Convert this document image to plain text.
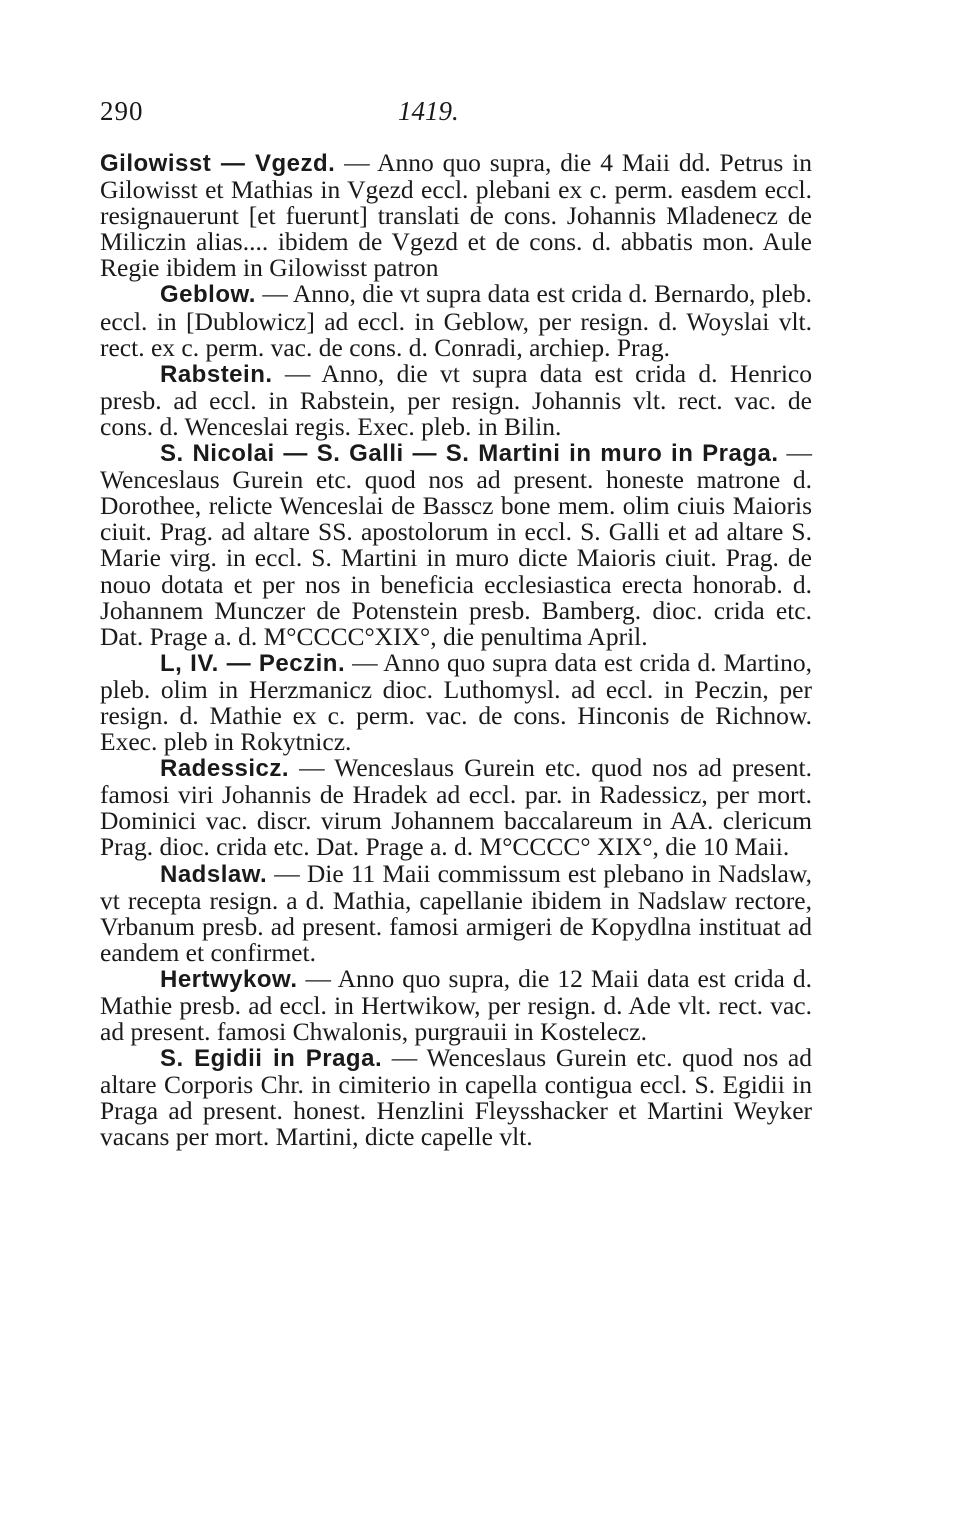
290	1419.

Gilowisst — Vgezd. — Anno quo supra, die 4 Maii dd. Petrus in Gilowisst et Mathias in Vgezd eccl. plebani ex c. perm. easdem eccl. resignauerunt [et fuerunt] translati de cons. Johannis Mladenecz de Miliczin alias.... ibidem de Vgezd et de cons. d. abbatis mon. Aule Regie ibidem in Gilowisst patron

Geblow. — Anno, die vt supra data est crida d. Bernardo, pleb. eccl. in [Dublowicz] ad eccl. in Geblow, per resign. d. Woyslai vlt. rect. ex c. perm. vac. de cons. d. Conradi, archiep. Prag.

Rabstein. — Anno, die vt supra data est crida d. Henrico presb. ad eccl. in Rabstein, per resign. Johannis vlt. rect. vac. de cons. d. Wenceslai regis. Exec. pleb. in Bilin.

S. Nicolai — S. Galli — S. Martini in muro in Praga. — Wenceslaus Gurein etc. quod nos ad present. honeste matrone d. Dorothee, relicte Wenceslai de Basscz bone mem. olim ciuis Maioris ciuit. Prag. ad altare SS. apostolorum in eccl. S. Galli et ad altare S. Marie virg. in eccl. S. Martini in muro dicte Maioris ciuit. Prag. de nouo dotata et per nos in beneficia ecclesiastica erecta honorab. d. Johannem Munczer de Potenstein presb. Bamberg. dioc. crida etc. Dat. Prage a. d. M°CCCC°XIX°, die penultima April.

L, IV. — Peczin. — Anno quo supra data est crida d. Martino, pleb. olim in Herzmanicz dioc. Luthomysl. ad eccl. in Peczin, per resign. d. Mathie ex c. perm. vac. de cons. Hinconis de Richnow. Exec. pleb in Rokytnicz.

Radessicz. — Wenceslaus Gurein etc. quod nos ad present. famosi viri Johannis de Hradek ad eccl. par. in Radessicz, per mort. Dominici vac. discr. virum Johannem baccalareum in AA. clericum Prag. dioc. crida etc. Dat. Prage a. d. M°CCCC° XIX°, die 10 Maii.

Nadslaw. — Die 11 Maii commissum est plebano in Nadslaw, vt recepta resign. a d. Mathia, capellanie ibidem in Nadslaw rectore, Vrbanum presb. ad present. famosi armigeri de Kopydlna instituat ad eandem et confirmet.

Hertwykow. — Anno quo supra, die 12 Maii data est crida d. Mathie presb. ad eccl. in Hertwikow, per resign. d. Ade vlt. rect. vac. ad present. famosi Chwalonis, purgrauii in Kostelecz.

S. Egidii in Praga. — Wenceslaus Gurein etc. quod nos ad altare Corporis Chr. in cimiterio in capella contigua eccl. S. Egidii in Praga ad present. honest. Henzlini Fleysshacker et Martini Weyker vacans per mort. Martini, dicte capelle vlt.
